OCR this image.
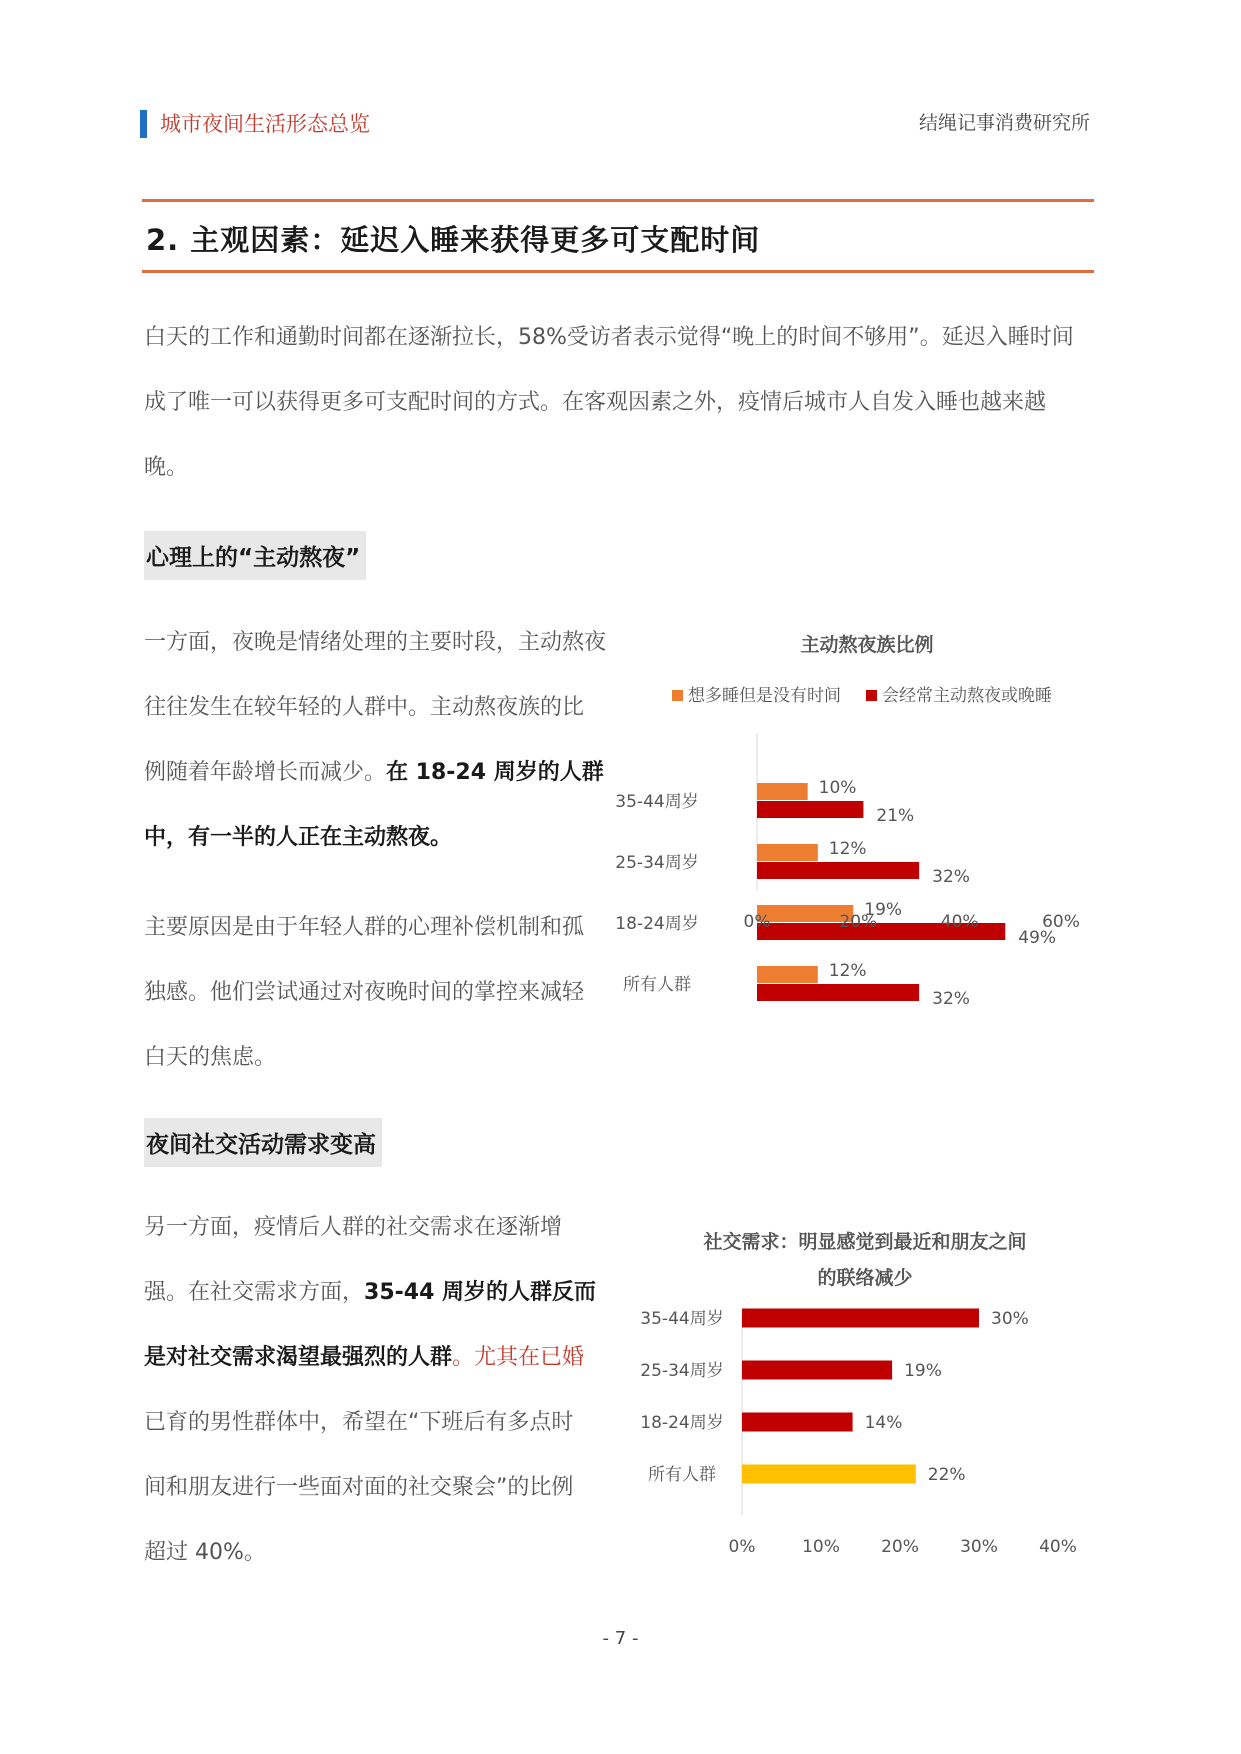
城市夜间生活形态总览	结绳记事消费研究所
2. 主观因素：延迟入睡来获得更多可支配时间
白天的工作和通勤时间都在逐渐拉长，58%受访者表示觉得“晚上的时间不够用”。延迟入睡时间
成了唯一可以获得更多可支配时间的方式。在客观因素之外，疫情后城市人自发入睡也越来越
晚。
心理上的“主动熬夜”
一方面，夜晚是情绪处理的主要时段，主动熬夜
往往发生在较年轻的人群中。主动熬夜族的比
例随着年龄增长而减少。在 18-24 周岁的人群
中，有一半的人正在主动熬夜。
主要原因是由于年轻人群的心理补偿机制和孤
独感。他们尝试通过对夜晚时间的掌控来减轻
白天的焦虑。
夜间社交活动需求变高
另一方面，疫情后人群的社交需求在逐渐增
强。在社交需求方面，35-44 周岁的人群反而
是对社交需求渴望最强烈的人群。尤其在已婚
已育的男性群体中，希望在“下班后有多点时
间和朋友进行一些面对面的社交聚会”的比例
超过 40%。
主动熬夜族比例
想多睡但是没有时间 会经常主动熬夜或晚睡
10%
21%
12%
32%
19%
49%
12%
32%
35-44周岁
25-34周岁
18-24周岁
所有人群
0%	20%	40%	60%
社交需求：明显感觉到最近和朋友之间
的联络减少
30%
19%
14%
22%
35-44周岁
25-34周岁
18-24周岁
所有人群
0%	10% 20% 30% 40%
- 7 -
